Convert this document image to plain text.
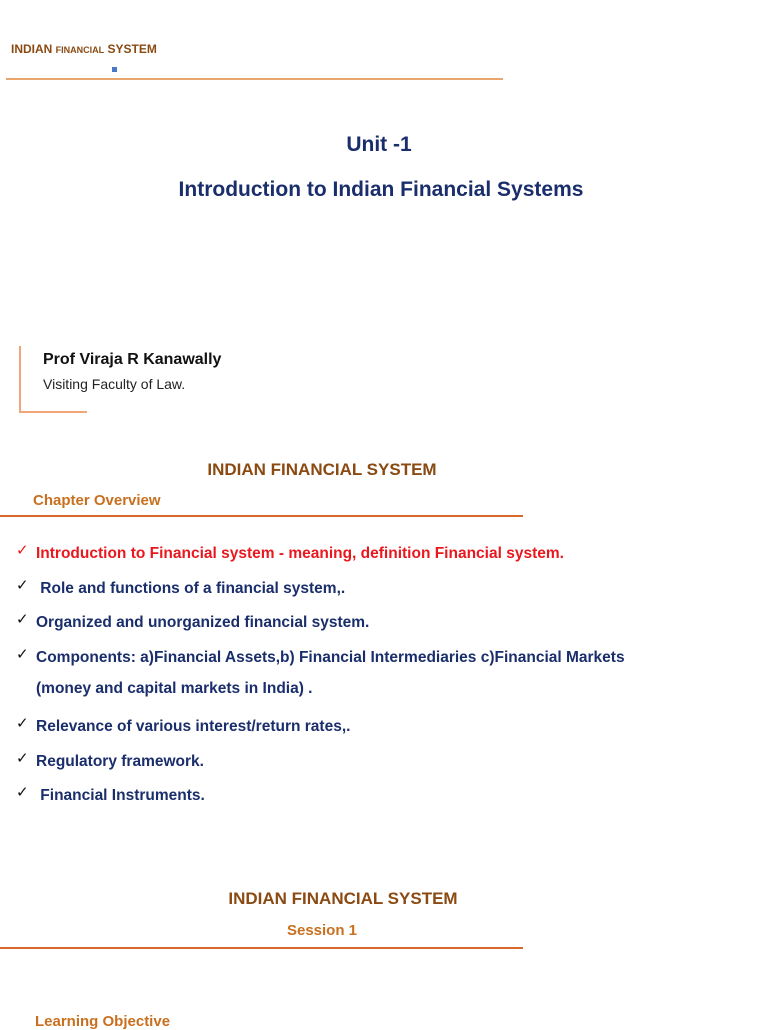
INDIAN FINANCIAL SYSTEM
Unit -1
Introduction to Indian Financial Systems
Prof Viraja R Kanawally
Visiting Faculty of Law.
INDIAN FINANCIAL SYSTEM
Chapter Overview
✓ Introduction to Financial system - meaning, definition Financial system.
✓ Role and functions of a financial system,.
✓ Organized and unorganized financial system.
✓ Components: a)Financial Assets,b) Financial Intermediaries c)Financial Markets
(money and capital markets in India) .
✓ Relevance of various interest/return rates,.
✓ Regulatory framework.
✓ Financial Instruments.
INDIAN FINANCIAL SYSTEM
Session 1
Learning Objective
